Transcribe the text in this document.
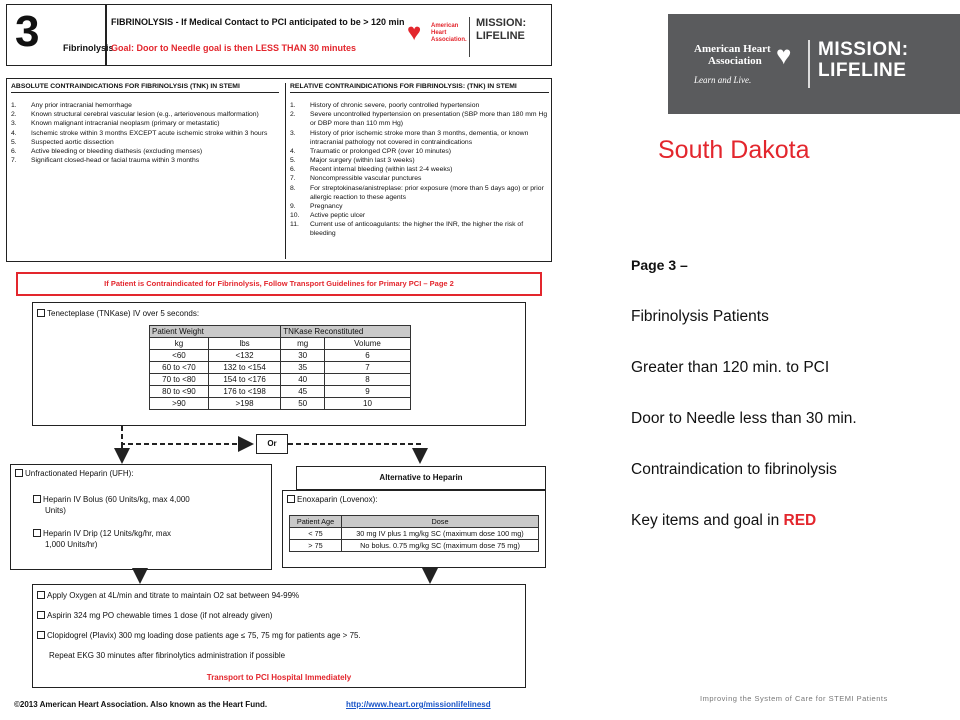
3	Fibrinolysis
FIBRINOLYSIS - If Medical Contact to PCI anticipated to be > 120 min
Goal: Door to Needle goal is then LESS THAN 30 minutes
♥ American
Heart
Association.
MISSION:
LIFELINE
ABSOLUTE CONTRAINDICATIONS FOR FIBRINOLYSIS (TNK) IN STEMI
1.	Any prior intracranial hemorrhage
2.	Known structural cerebral vascular lesion (e.g., arteriovenous malformation)
3.	Known malignant intracranial neoplasm (primary or metastatic)
4.	Ischemic stroke within 3 months EXCEPT acute ischemic stroke within 3 hours
5.	Suspected aortic dissection
6.	Active bleeding or bleeding diathesis (excluding menses)
7.	Significant closed-head or facial trauma within 3 months
RELATIVE CONTRAINDICATIONS FOR FIBRINOLYSIS: (TNK) IN STEMI
1.	History of chronic severe, poorly controlled hypertension
2.	Severe uncontrolled hypertension on presentation (SBP more than 180 mm Hg or DBP more than 110 mm Hg)
3.	History of prior ischemic stroke more than 3 months, dementia, or known intracranial pathology not covered in contraindications
4.	Traumatic or prolonged CPR (over 10 minutes)
5.	Major surgery (within last 3 weeks)
6.	Recent internal bleeding (within last 2-4 weeks)
7.	Noncompressible vascular punctures
8.	For streptokinase/anistreplase: prior exposure (more than 5 days ago) or prior allergic reaction to these agents
9.	Pregnancy
10.	Active peptic ulcer
11.	Current use of anticoagulants: the higher the INR, the higher the risk of bleeding
If Patient is Contraindicated for Fibrinolysis, Follow Transport Guidelines for Primary PCI – Page 2
Tenecteplase (TNKase) IV over 5 seconds:
Patient Weight		TNKase Reconstituted	
kg	lbs	mg	Volume
<60	<132	30	6
60 to <70	132 to <154	35	7
70 to <80	154 to <176	40	8
80 to <90	176 to <198	45	9
>90	>198	50	10
Or
Unfractionated Heparin (UFH):
Heparin IV Bolus (60 Units/kg, max 4,000
Units)
Heparin IV Drip (12 Units/kg/hr, max
1,000 Units/hr)
Alternative to Heparin
Enoxaparin (Lovenox):
Patient Age	Dose
< 75	30 mg IV plus 1 mg/kg SC (maximum dose 100 mg)
> 75	No bolus. 0.75 mg/kg SC (maximum dose 75 mg)
Apply Oxygen at 4L/min and titrate to maintain O2 sat between 94-99%
Aspirin 324 mg PO chewable times 1 dose (if not already given)
Clopidogrel (Plavix) 300 mg loading dose patients age ≤ 75, 75 mg for patients age > 75.
Repeat EKG 30 minutes after fibrinolytics administration if possible
Transport to PCI Hospital Immediately
©2013 American Heart Association. Also known as the Heart Fund.	http://www.heart.org/missionlifelinesd
American Heart
Association
Learn and Live.
♥ MISSION:
LIFELINE
South Dakota

Page 3 –

Fibrinolysis Patients

Greater than 120 min. to PCI

Door to Needle less than 30 min.

Contraindication to fibrinolysis

Key items and goal in RED

Improving the System of Care for STEMI Patients
